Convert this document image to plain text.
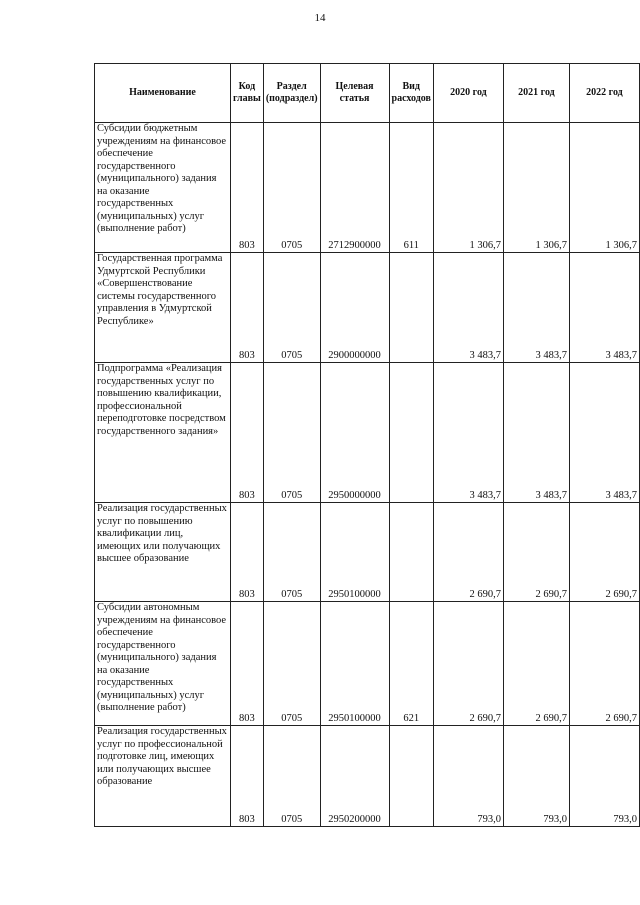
14
Наименование	Код главы	Раздел (подраздел)	Целевая статья	Вид расходов	2020 год	2021 год	2022 год
Субсидии бюджетным учреждениям на финансовое обеспечение государственного (муниципального) задания на оказание государственных (муниципальных) услуг (выполнение работ)	803	0705	2712900000	611	1 306,7	1 306,7	1 306,7
Государственная программа Удмуртской Республики «Совершенствование системы государственного управления в Удмуртской Республике»	803	0705	2900000000		3 483,7	3 483,7	3 483,7
Подпрограмма «Реализация государственных услуг по повышению квалификации, профессиональной переподготовке посредством государственного задания»	803	0705	2950000000		3 483,7	3 483,7	3 483,7
Реализация государственных услуг по повышению квалификации лиц, имеющих или получающих высшее образование	803	0705	2950100000		2 690,7	2 690,7	2 690,7
Субсидии автономным учреждениям на финансовое обеспечение государственного (муниципального) задания на оказание государственных (муниципальных) услуг (выполнение работ)	803	0705	2950100000	621	2 690,7	2 690,7	2 690,7
Реализация государственных услуг по профессиональной подготовке лиц, имеющих или получающих высшее образование	803	0705	2950200000		793,0	793,0	793,0
